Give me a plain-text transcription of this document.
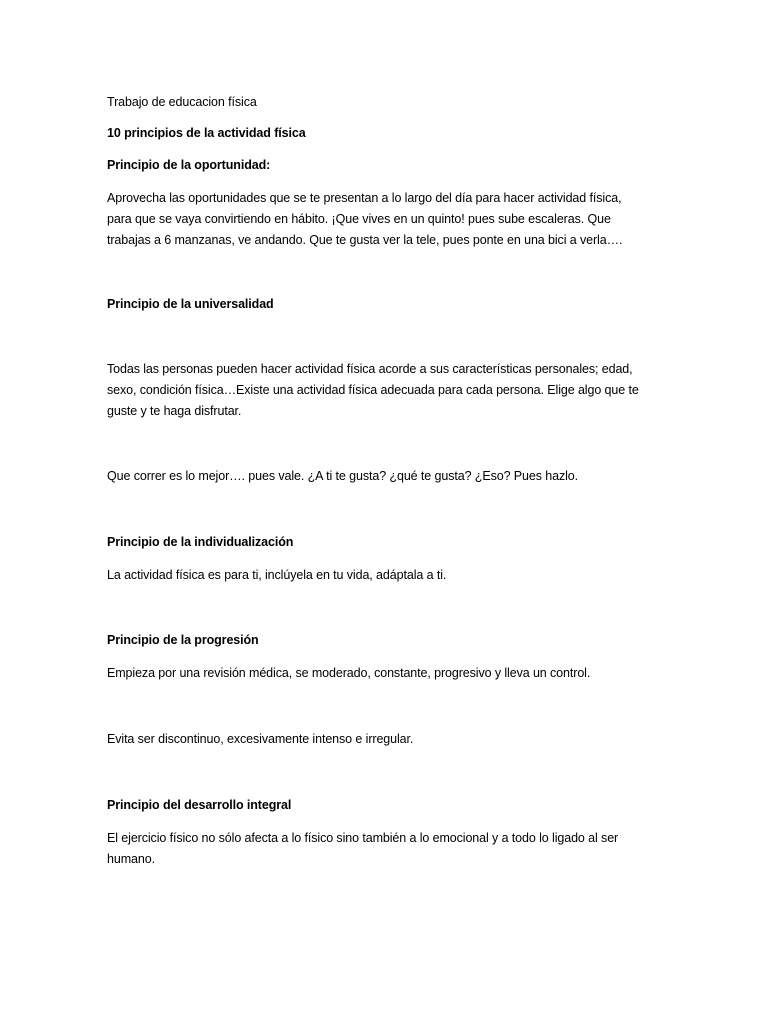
Trabajo de educacion física

10 principios de la actividad física

Principio de la oportunidad:

Aprovecha las oportunidades que se te presentan a lo largo del día para hacer actividad física, para que se vaya convirtiendo en hábito. ¡Que vives en un quinto! pues sube escaleras. Que trabajas a 6 manzanas, ve andando. Que te gusta ver la tele, pues ponte en una bici a verla….

Principio de la universalidad

Todas las personas pueden hacer actividad física acorde a sus características personales; edad, sexo, condición física…Existe una actividad física adecuada para cada persona. Elige algo que te guste y te haga disfrutar.

Que correr es lo mejor…. pues vale. ¿A ti te gusta? ¿qué te gusta? ¿Eso? Pues hazlo.

Principio de la individualización

La actividad física es para ti, inclúyela en tu vida, adáptala a ti.

Principio de la progresión

Empieza por una revisión médica, se moderado, constante, progresivo y lleva un control.

Evita ser discontinuo, excesivamente intenso e irregular.

Principio del desarrollo integral

El ejercicio físico no sólo afecta a lo físico sino también a lo emocional y a todo lo ligado al ser humano.
